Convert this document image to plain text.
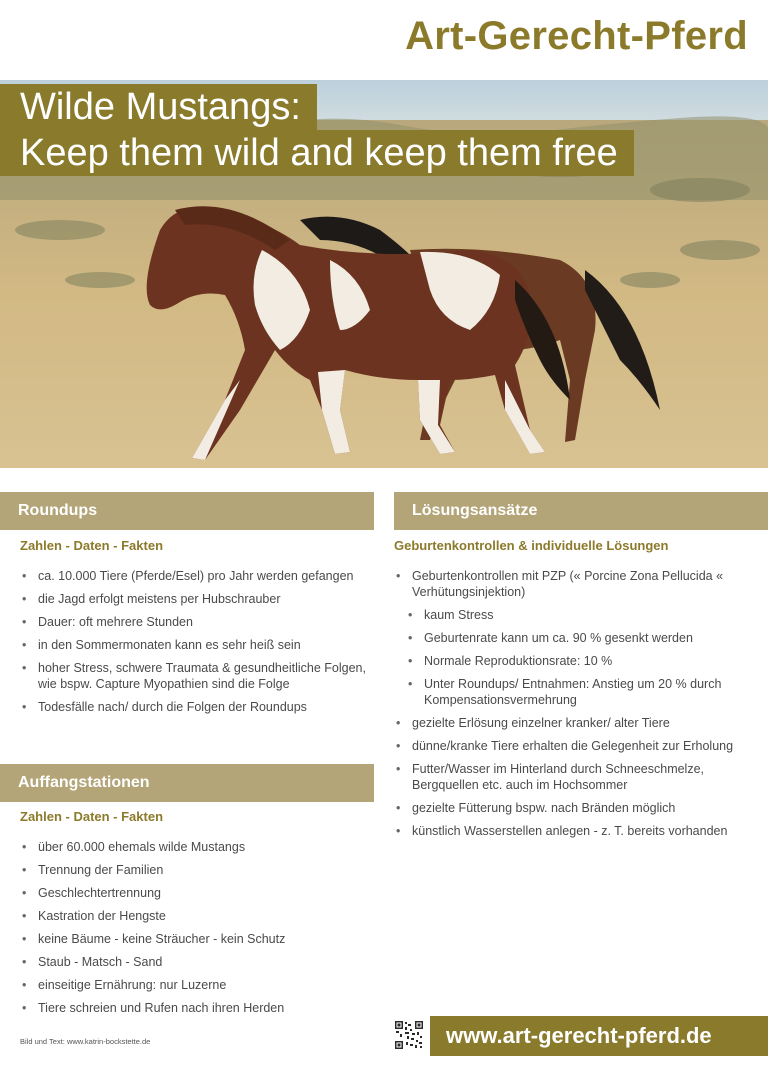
Art-Gerecht-Pferd
Wilde Mustangs:
Keep them wild and keep them free
Roundups
Zahlen - Daten - Fakten
• ca. 10.000 Tiere (Pferde/Esel) pro Jahr werden gefangen
• die Jagd erfolgt meistens per Hubschrauber
• Dauer: oft mehrere Stunden
• in den Sommermonaten kann es sehr heiß sein
• hoher Stress, schwere Traumata & gesundheitliche Folgen, wie bspw. Capture Myopathien sind die Folge
• Todesfälle nach/ durch die Folgen der Roundups
Auffangstationen
Zahlen - Daten - Fakten
• über 60.000 ehemals wilde Mustangs
• Trennung der Familien
• Geschlechtertrennung
• Kastration der Hengste
• keine Bäume - keine Sträucher - kein Schutz
• Staub - Matsch - Sand
• einseitige Ernährung: nur Luzerne
• Tiere schreien und Rufen nach ihren Herden
Lösungsansätze
Geburtenkontrollen & individuelle Lösungen
• Geburtenkontrollen mit PZP (« Porcine Zona Pellucida « Verhütungsinjektion)
• kaum Stress
• Geburtenrate kann um ca. 90 % gesenkt werden
• Normale Reproduktionsrate: 10 %
• Unter Roundups/ Entnahmen: Anstieg um 20 % durch Kompensationsvermehrung
• gezielte Erlösung einzelner kranker/ alter Tiere
• dünne/kranke Tiere erhalten die Gelegenheit zur Erholung
• Futter/Wasser im Hinterland durch Schneeschmelze, Bergquellen etc. auch im Hochsommer
• gezielte Fütterung bspw. nach Bränden möglich
• künstlich Wasserstellen anlegen - z. T. bereits vorhanden
Bild und Text: www.katrin-bockstette.de	www.art-gerecht-pferd.de
